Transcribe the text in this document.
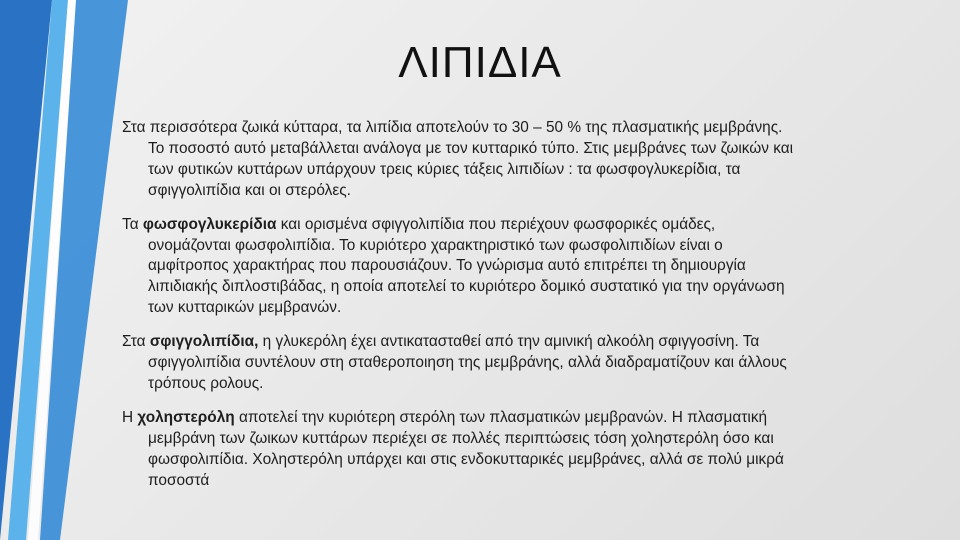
ΛΙΠΙΔΙΑ
Στα περισσότερα ζωικά κύτταρα, τα λιπίδια αποτελούν το 30 – 50 % της πλασματικής μεμβράνης.
Το ποσοστό αυτό μεταβάλλεται ανάλογα με τον κυτταρικό τύπο. Στις μεμβράνες των ζωικών και
των φυτικών κυττάρων υπάρχουν τρεις κύριες τάξεις λιπιδίων : τα φωσφογλυκερίδια, τα
σφιγγολιπίδια και οι στερόλες.
Τα φωσφογλυκερίδια και ορισμένα σφιγγολιπίδια που περιέχουν φωσφορικές ομάδες,
ονομάζονται φωσφολιπίδια. Το κυριότερο χαρακτηριστικό των φωσφολιπιδίων είναι ο
αμφίτροπος χαρακτήρας που παρουσιάζουν. Το γνώρισμα αυτό επιτρέπει τη δημιουργία
λιπιδιακής διπλοστιβάδας, η οποία αποτελεί το κυριότερο δομικό συστατικό για την οργάνωση
των κυτταρικών μεμβρανών.
Στα σφιγγολιπίδια, η γλυκερόλη έχει αντικατασταθεί από την αμινική αλκοόλη σφιγγοσίνη. Τα
σφιγγολιπίδια συντέλουν στη σταθεροποιηση της μεμβράνης, αλλά διαδραματίζουν και άλλους
τρόπους ρολους.
Η χοληστερόλη αποτελεί την κυριότερη στερόλη των πλασματικών μεμβρανών. Η πλασματική
μεμβράνη των ζωικων κυττάρων περιέχει σε πολλές περιπτώσεις τόση χοληστερόλη όσο και
φωσφολιπίδια. Χοληστερόλη υπάρχει και στις ενδοκυτταρικές μεμβράνες, αλλά σε πολύ μικρά
ποσοστά
